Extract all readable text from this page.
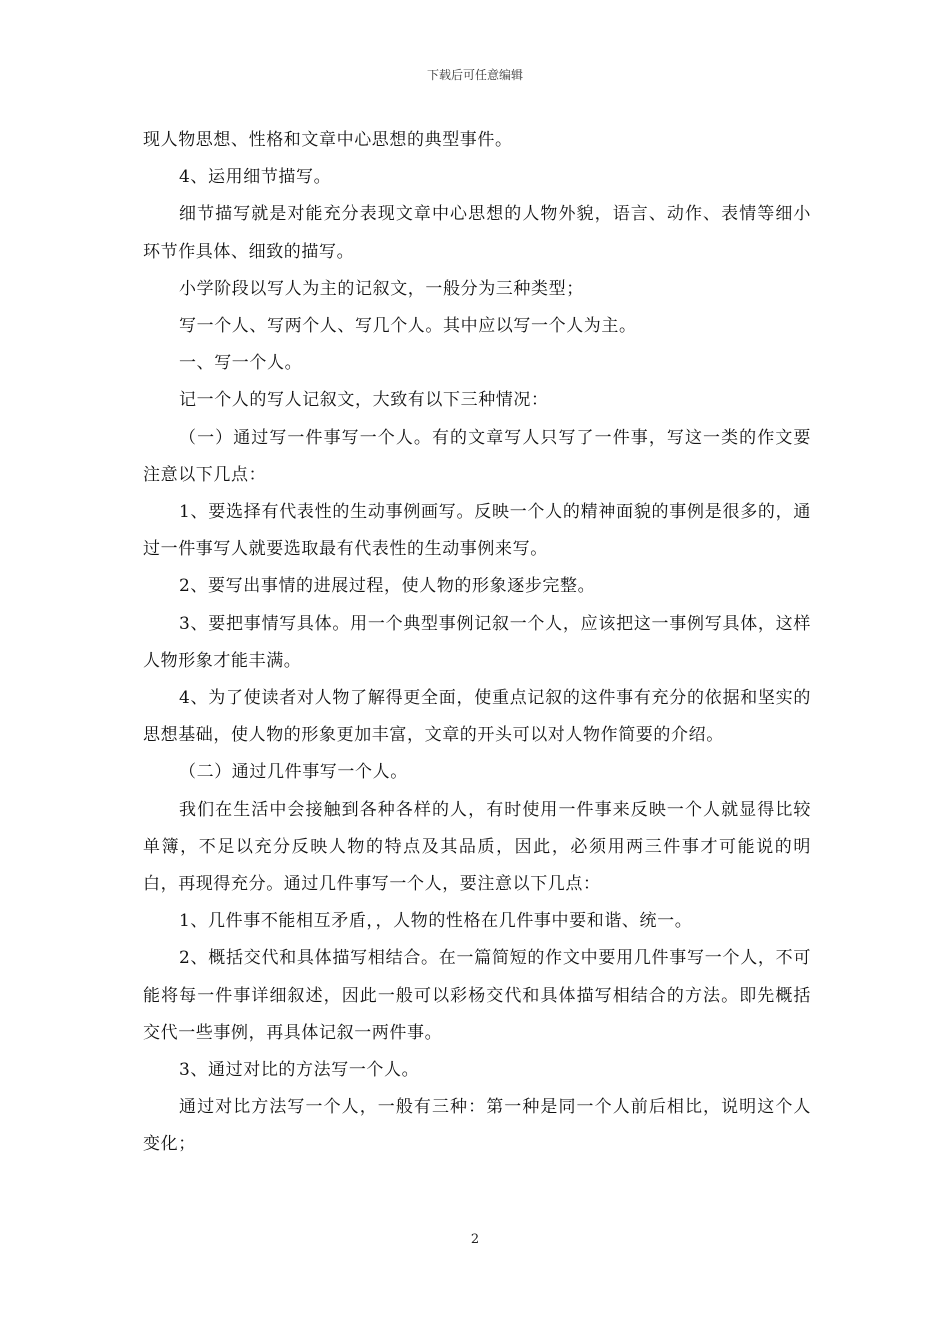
下载后可任意编辑

现人物思想、性格和文章中心思想的典型事件。

4、运用细节描写。

细节描写就是对能充分表现文章中心思想的人物外貌，语言、动作、表情等细小环节作具体、细致的描写。

小学阶段以写人为主的记叙文，一般分为三种类型；

写一个人、写两个人、写几个人。其中应以写一个人为主。

一、写一个人。

记一个人的写人记叙文，大致有以下三种情况：

（一）通过写一件事写一个人。有的文章写人只写了一件事，写这一类的作文要注意以下几点：

1、要选择有代表性的生动事例画写。反映一个人的精神面貌的事例是很多的，通过一件事写人就要选取最有代表性的生动事例来写。

2、要写出事情的进展过程，使人物的形象逐步完整。

3、要把事情写具体。用一个典型事例记叙一个人，应该把这一事例写具体，这样人物形象才能丰满。

4、为了使读者对人物了解得更全面，使重点记叙的这件事有充分的依据和坚实的思想基础，使人物的形象更加丰富，文章的开头可以对人物作简要的介绍。

（二）通过几件事写一个人。

我们在生活中会接触到各种各样的人，有时使用一件事来反映一个人就显得比较单簿，不足以充分反映人物的特点及其品质，因此，必须用两三件事才可能说的明白，再现得充分。通过几件事写一个人，要注意以下几点：

1、几件事不能相互矛盾，，人物的性格在几件事中要和谐、统一。

2、概括交代和具体描写相结合。在一篇简短的作文中要用几件事写一个人，不可能将每一件事详细叙述，因此一般可以彩杨交代和具体描写相结合的方法。即先概括交代一些事例，再具体记叙一两件事。

3、通过对比的方法写一个人。

通过对比方法写一个人，一般有三种：第一种是同一个人前后相比，说明这个人变化；

2
